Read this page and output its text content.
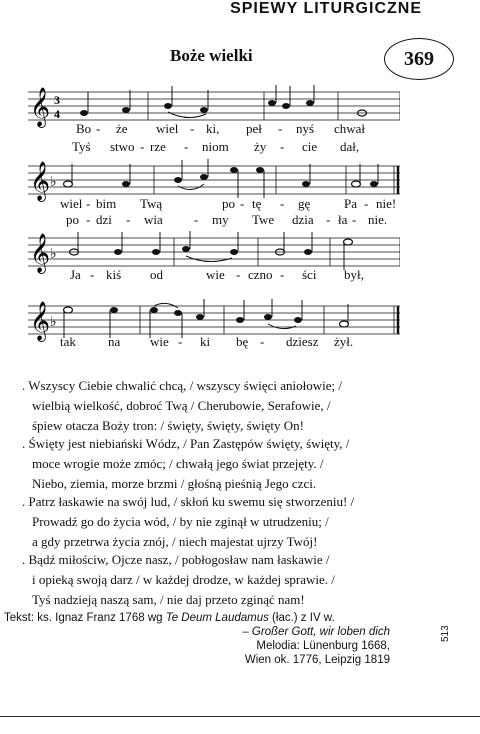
SPIEWY LITURGICZNE
Boże wielki	369
𝄞 3
4
𝄞 ♭
𝄞 ♭
𝄞 ♭
Bo - że wiel - ki, peł - nyś chwał
Tyś stwo - rze - niom ży - cie dał,
wiel - bim Twą	po - tę - gę	Pa - nie!
po - dzi - wia - my Twe dzia - ła - nie.
Ja - kiś od	wie - czno - ści był,
tak na wie - ki bę - dziesz żył.
. Wszyscy Ciebie chwalić chcą, / wszyscy święci aniołowie; /
wielbią wielkość, dobroć Twą / Cherubowie, Serafowie, /
śpiew otacza Boży tron: / święty, święty, święty On!
. Święty jest niebiański Wódz, / Pan Zastępów święty, święty, /
moce wrogie może zmóc; / chwałą jego świat przejęty. /
Niebo, ziemia, morze brzmi / głośną pieśnią Jego czci.
. Patrz łaskawie na swój lud, / skłoń ku swemu się stworzeniu! /
Prowadź go do życia wód, / by nie zginął w utrudzeniu; /
a gdy przetrwa życia znój, / niech majestat ujrzy Twój!
. Bądź miłościw, Ojcze nasz, / pobłogosław nam łaskawie /
i opieką swoją darz / w każdej drodze, w każdej sprawie. /
Tyś nadzieją naszą sam, / nie daj przeto zginąć nam!
Tekst: ks. Ignaz Franz 1768 wg Te Deum Laudamus (łac.) z IV w.
– Großer Gott, wir loben dich
Melodia: Lünenburg 1668,
Wien ok. 1776, Leipzig 1819
513
